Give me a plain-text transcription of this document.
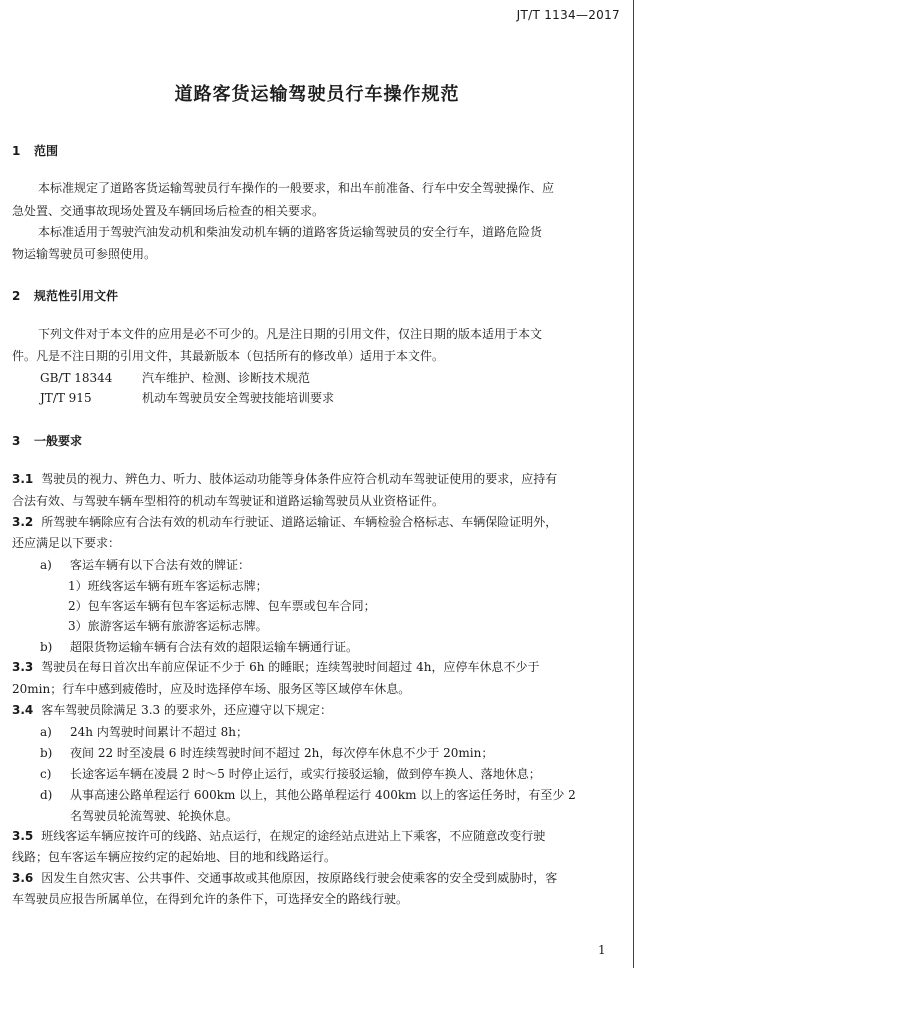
JT/T 1134—2017
道路客货运输驾驶员行车操作规范
1 范围
本标准规定了道路客货运输驾驶员行车操作的一般要求，和出车前准备、行车中安全驾驶操作、应
急处置、交通事故现场处置及车辆回场后检查的相关要求。
本标准适用于驾驶汽油发动机和柴油发动机车辆的道路客货运输驾驶员的安全行车，道路危险货
物运输驾驶员可参照使用。
2 规范性引用文件
下列文件对于本文件的应用是必不可少的。凡是注日期的引用文件，仅注日期的版本适用于本文
件。凡是不注日期的引用文件，其最新版本（包括所有的修改单）适用于本文件。
GB/T 18344 汽车维护、检测、诊断技术规范
JT/T 915	机动车驾驶员安全驾驶技能培训要求
3 一般要求
3.1 驾驶员的视力、辨色力、听力、肢体运动功能等身体条件应符合机动车驾驶证使用的要求，应持有
合法有效、与驾驶车辆车型相符的机动车驾驶证和道路运输驾驶员从业资格证件。
3.2 所驾驶车辆除应有合法有效的机动车行驶证、道路运输证、车辆检验合格标志、车辆保险证明外，
还应满足以下要求：
a) 客运车辆有以下合法有效的牌证：
1）班线客运车辆有班车客运标志牌；
2）包车客运车辆有包车客运标志牌、包车票或包车合同；
3）旅游客运车辆有旅游客运标志牌。
b) 超限货物运输车辆有合法有效的超限运输车辆通行证。
3.3 驾驶员在每日首次出车前应保证不少于 6h 的睡眠；连续驾驶时间超过 4h，应停车休息不少于
20min；行车中感到疲倦时，应及时选择停车场、服务区等区域停车休息。
3.4 客车驾驶员除满足 3.3 的要求外，还应遵守以下规定：
a) 24h 内驾驶时间累计不超过 8h；
b) 夜间 22 时至凌晨 6 时连续驾驶时间不超过 2h，每次停车休息不少于 20min；
c) 长途客运车辆在凌晨 2 时～5 时停止运行，或实行接驳运输，做到停车换人、落地休息；
d) 从事高速公路单程运行 600km 以上，其他公路单程运行 400km 以上的客运任务时，有至少 2
名驾驶员轮流驾驶、轮换休息。
3.5 班线客运车辆应按许可的线路、站点运行，在规定的途经站点进站上下乘客，不应随意改变行驶
线路；包车客运车辆应按约定的起始地、目的地和线路运行。
3.6 因发生自然灾害、公共事件、交通事故或其他原因，按原路线行驶会使乘客的安全受到威胁时，客
车驾驶员应报告所属单位，在得到允许的条件下，可选择安全的路线行驶。
1
